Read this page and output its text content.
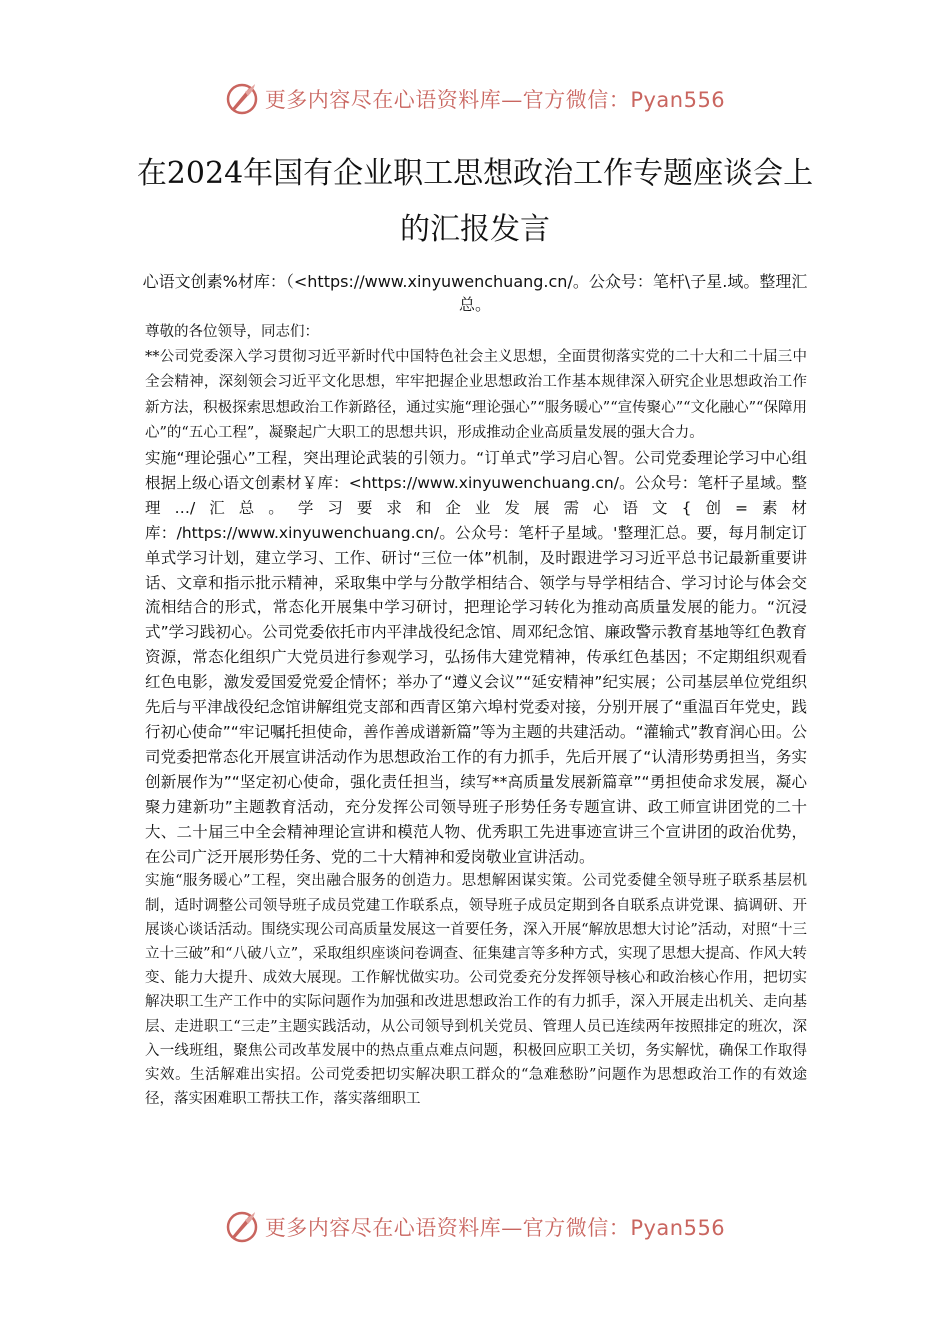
更多内容尽在心语资料库—官方微信：Pyan556
在2024年国有企业职工思想政治工作专题座谈会上的汇报发言

心语文创素%材库：（<https://www.xinyuwenchuang.cn/。公众号：笔杆\子星.域。整理汇总。

尊敬的各位领导，同志们：

**公司党委深入学习贯彻习近平新时代中国特色社会主义思想，全面贯彻落实党的二十大和二十届三中全会精神，深刻领会习近平文化思想，牢牢把握企业思想政治工作基本规律深入研究企业思想政治工作新方法，积极探索思想政治工作新路径，通过实施“理论强心”“服务暖心”“宣传聚心”“文化融心”“保障用心”的“五心工程”，凝聚起广大职工的思想共识，形成推动企业高质量发展的强大合力。

实施“理论强心”工程，突出理论武装的引领力。“订单式”学习启心智。公司党委理论学习中心组根据上级心语文创素材￥库：<https://www.xinyuwenchuang.cn/。公众号：笔杆子星域。整理…/汇总。学习要求和企业发展需心语文{创=素材库：/https://www.xinyuwenchuang.cn/。公众号：笔杆子星域。'整理汇总。要，每月制定订单式学习计划，建立学习、工作、研讨“三位一体”机制，及时跟进学习习近平总书记最新重要讲话、文章和指示批示精神，采取集中学与分散学相结合、领学与导学相结合、学习讨论与体会交流相结合的形式，常态化开展集中学习研讨，把理论学习转化为推动高质量发展的能力。“沉浸式”学习践初心。公司党委依托市内平津战役纪念馆、周邓纪念馆、廉政警示教育基地等红色教育资源，常态化组织广大党员进行参观学习，弘扬伟大建党精神，传承红色基因；不定期组织观看红色电影，激发爱国爱党爱企情怀；举办了“遵义会议”“延安精神”纪实展；公司基层单位党组织先后与平津战役纪念馆讲解组党支部和西青区第六埠村党委对接，分别开展了“重温百年党史，践行初心使命”“牢记嘱托担使命，善作善成谱新篇”等为主题的共建活动。“灌输式”教育润心田。公司党委把常态化开展宣讲活动作为思想政治工作的有力抓手，先后开展了“认清形势勇担当，务实创新展作为”“坚定初心使命，强化责任担当，续写**高质量发展新篇章”“勇担使命求发展，凝心聚力建新功”主题教育活动，充分发挥公司领导班子形势任务专题宣讲、政工师宣讲团党的二十大、二十届三中全会精神理论宣讲和模范人物、优秀职工先进事迹宣讲三个宣讲团的政治优势，在公司广泛开展形势任务、党的二十大精神和爱岗敬业宣讲活动。

实施“服务暖心”工程，突出融合服务的创造力。思想解困谋实策。公司党委健全领导班子联系基层机制，适时调整公司领导班子成员党建工作联系点，领导班子成员定期到各自联系点讲党课、搞调研、开展谈心谈话活动。围绕实现公司高质量发展这一首要任务，深入开展“解放思想大讨论”活动，对照“十三立十三破”和“八破八立”，采取组织座谈问卷调查、征集建言等多种方式，实现了思想大提高、作风大转变、能力大提升、成效大展现。工作解忧做实功。公司党委充分发挥领导核心和政治核心作用，把切实解决职工生产工作中的实际问题作为加强和改进思想政治工作的有力抓手，深入开展走出机关、走向基层、走进职工“三走”主题实践活动，从公司领导到机关党员、管理人员已连续两年按照排定的班次，深入一线班组，聚焦公司改革发展中的热点重点难点问题，积极回应职工关切，务实解忧，确保工作取得实效。生活解难出实招。公司党委把切实解决职工群众的“急难愁盼”问题作为思想政治工作的有效途径，落实困难职工帮扶工作，落实落细职工

更多内容尽在心语资料库—官方微信：Pyan556
